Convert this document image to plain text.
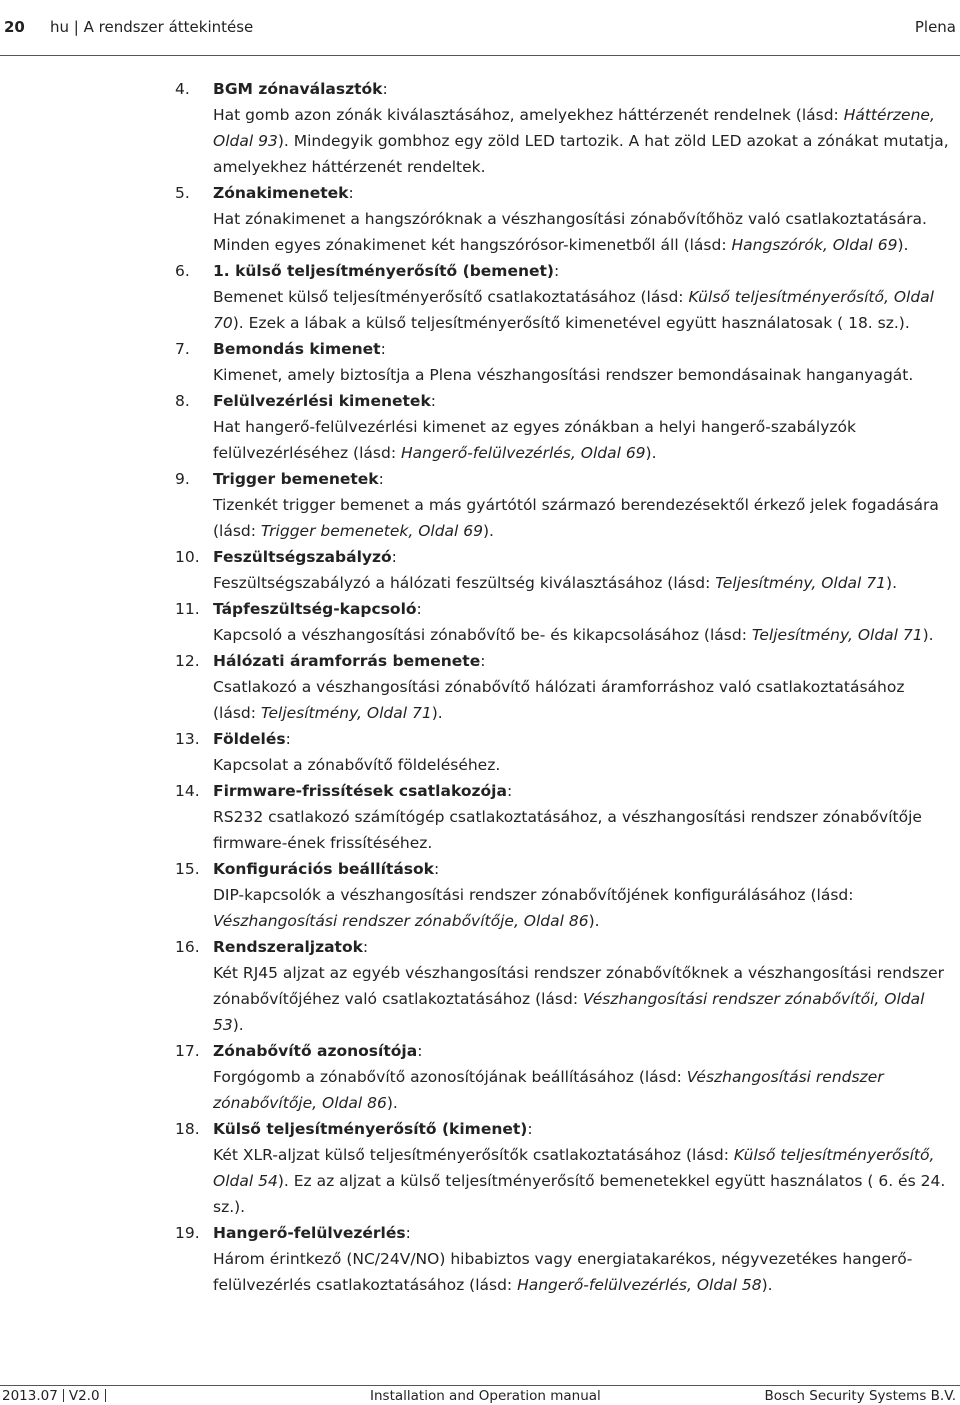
20 hu | A rendszer áttekintése	Plena
4. BGM zónaválasztók:
Hat gomb azon zónák kiválasztásához, amelyekhez háttérzenét rendelnek (lásd: Háttérzene, Oldal 93). Mindegyik gombhoz egy zöld LED tartozik. A hat zöld LED azokat a zónákat mutatja, amelyekhez háttérzenét rendeltek.
5. Zónakimenetek:
Hat zónakimenet a hangszóróknak a vészhangosítási zónabővítőhöz való csatlakoztatására. Minden egyes zónakimenet két hangszórósor-kimenetből áll (lásd: Hangszórók, Oldal 69).
6. 1. külső teljesítményerősítő (bemenet):
Bemenet külső teljesítményerősítő csatlakoztatásához (lásd: Külső teljesítményerősítő, Oldal 70). Ezek a lábak a külső teljesítményerősítő kimenetével együtt használatosak ( 18. sz.).
7. Bemondás kimenet:
Kimenet, amely biztosítja a Plena vészhangosítási rendszer bemondásainak hanganyagát.
8. Felülvezérlési kimenetek:
Hat hangerő-felülvezérlési kimenet az egyes zónákban a helyi hangerő-szabályzók felülvezérléséhez (lásd: Hangerő-felülvezérlés, Oldal 69).
9. Trigger bemenetek:
Tizenkét trigger bemenet a más gyártótól származó berendezésektől érkező jelek fogadására (lásd: Trigger bemenetek, Oldal 69).
10. Feszültségszabályzó:
Feszültségszabályzó a hálózati feszültség kiválasztásához (lásd: Teljesítmény, Oldal 71).
11. Tápfeszültség-kapcsoló:
Kapcsoló a vészhangosítási zónabővítő be- és kikapcsolásához (lásd: Teljesítmény, Oldal 71).
12. Hálózati áramforrás bemenete:
Csatlakozó a vészhangosítási zónabővítő hálózati áramforráshoz való csatlakoztatásához (lásd: Teljesítmény, Oldal 71).
13. Földelés:
Kapcsolat a zónabővítő földeléséhez.
14. Firmware-frissítések csatlakozója:
RS232 csatlakozó számítógép csatlakoztatásához, a vészhangosítási rendszer zónabővítője firmware-ének frissítéséhez.
15. Konfigurációs beállítások:
DIP-kapcsolók a vészhangosítási rendszer zónabővítőjének konfigurálásához (lásd: Vészhangosítási rendszer zónabővítője, Oldal 86).
16. Rendszeraljzatok:
Két RJ45 aljzat az egyéb vészhangosítási rendszer zónabővítőknek a vészhangosítási rendszer zónabővítőjéhez való csatlakoztatásához (lásd: Vészhangosítási rendszer zónabővítői, Oldal 53).
17. Zónabővítő azonosítója:
Forgógomb a zónabővítő azonosítójának beállításához (lásd: Vészhangosítási rendszer zónabővítője, Oldal 86).
18. Külső teljesítményerősítő (kimenet):
Két XLR-aljzat külső teljesítményerősítők csatlakoztatásához (lásd: Külső teljesítményerősítő, Oldal 54). Ez az aljzat a külső teljesítményerősítő bemenetekkel együtt használatos ( 6. és 24. sz.).
19. Hangerő-felülvezérlés:
Három érintkező (NC/24V/NO) hibabiztos vagy energiatakarékos, négyvezetékes hangerő-felülvezérlés csatlakoztatásához (lásd: Hangerő-felülvezérlés, Oldal 58).
2013.07 V2.0	Installation and Operation manual	Bosch Security Systems B.V.
